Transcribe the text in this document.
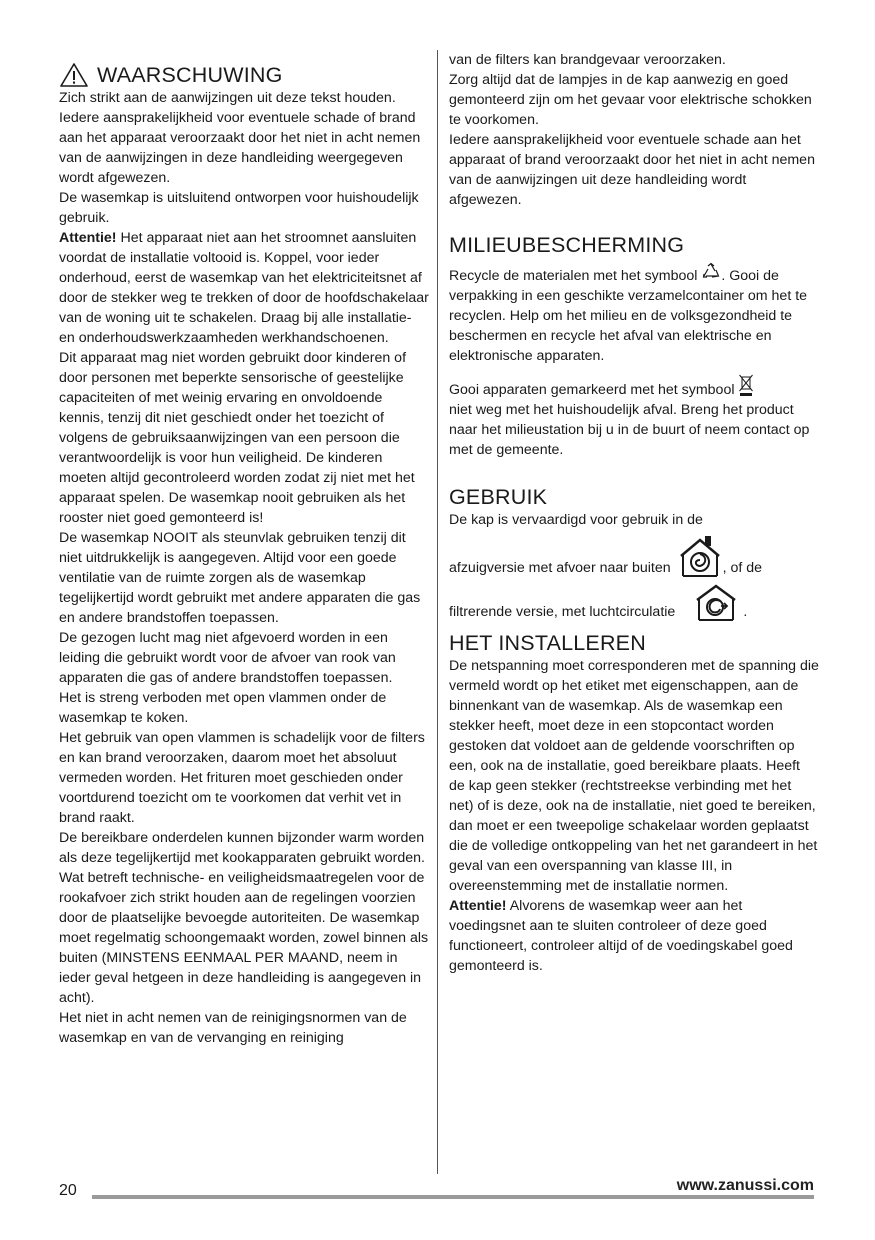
WAARSCHUWING

Zich strikt aan de aanwijzingen uit deze tekst houden. Iedere aansprakelijkheid voor eventuele schade of brand aan het apparaat veroorzaakt door het niet in acht nemen van de aanwijzingen in deze handleiding weergegeven wordt afgewezen.

De wasemkap is uitsluitend ontworpen voor huishoudelijk gebruik.

Attentie! Het apparaat niet aan het stroomnet aansluiten voordat de installatie voltooid is. Koppel, voor ieder onderhoud, eerst de wasemkap van het elektriciteitsnet af door de stekker weg te trekken of door de hoofdschakelaar van de woning uit te schakelen. Draag bij alle installatie- en onderhoudswerkzaamheden werkhandschoenen.

Dit apparaat mag niet worden gebruikt door kinderen of door personen met beperkte sensorische of geestelijke capaciteiten of met weinig ervaring en onvoldoende kennis, tenzij dit niet geschiedt onder het toezicht of volgens de gebruiksaanwijzingen van een persoon die verantwoordelijk is voor hun veiligheid. De kinderen moeten altijd gecontroleerd worden zodat zij niet met het apparaat spelen. De wasemkap nooit gebruiken als het rooster niet goed gemonteerd is!

De wasemkap NOOIT als steunvlak gebruiken tenzij dit niet uitdrukkelijk is aangegeven. Altijd voor een goede ventilatie van de ruimte zorgen als de wasemkap tegelijkertijd wordt gebruikt met andere apparaten die gas en andere brandstoffen toepassen.

De gezogen lucht mag niet afgevoerd worden in een leiding die gebruikt wordt voor de afvoer van rook van apparaten die gas of andere brandstoffen toepassen.

Het is streng verboden met open vlammen onder de wasemkap te koken.

Het gebruik van open vlammen is schadelijk voor de filters en kan brand veroorzaken, daarom moet het absoluut vermeden worden. Het frituren moet geschieden onder voortdurend toezicht om te voorkomen dat verhit vet in brand raakt.

De bereikbare onderdelen kunnen bijzonder warm worden als deze tegelijkertijd met kookapparaten gebruikt worden.

Wat betreft technische- en veiligheidsmaatregelen voor de rookafvoer zich strikt houden aan de regelingen voorzien door de plaatselijke bevoegde autoriteiten. De wasemkap moet regelmatig schoongemaakt worden, zowel binnen als buiten (MINSTENS EENMAAL PER MAAND, neem in ieder geval hetgeen in deze handleiding is aangegeven in acht).

Het niet in acht nemen van de reinigingsnormen van de wasemkap en van de vervanging en reiniging

van de filters kan brandgevaar veroorzaken.

Zorg altijd dat de lampjes in de kap aanwezig en goed gemonteerd zijn om het gevaar voor elektrische schokken te voorkomen.

Iedere aansprakelijkheid voor eventuele schade aan het apparaat of brand veroorzaakt door het niet in acht nemen van de aanwijzingen uit deze handleiding wordt afgewezen.

MILIEUBESCHERMING

Recycle de materialen met het symbool . Gooi de verpakking in een geschikte verzamelcontainer om het te recyclen. Help om het milieu en de volksgezondheid te beschermen en recycle het afval van elektrische en elektronische apparaten.

Gooi apparaten gemarkeerd met het symbool
niet weg met het huishoudelijk afval. Breng het product naar het milieustation bij u in de buurt of neem contact op met de gemeente.

GEBRUIK

De kap is vervaardigd voor gebruik in de

afzuigversie met afvoer naar buiten	, of de
filtrerende versie, met luchtcirculatie	.
HET INSTALLEREN

De netspanning moet corresponderen met de spanning die vermeld wordt op het etiket met eigenschappen, aan de binnenkant van de wasemkap. Als de wasemkap een stekker heeft, moet deze in een stopcontact worden gestoken dat voldoet aan de geldende voorschriften op een, ook na de installatie, goed bereikbare plaats. Heeft de kap geen stekker (rechtstreekse verbinding met het net) of is deze, ook na de installatie, niet goed te bereiken, dan moet er een tweepolige schakelaar worden geplaatst die de volledige ontkoppeling van het net garandeert in het geval van een overspanning van klasse III, in overeenstemming met de installatie normen.

Attentie! Alvorens de wasemkap weer aan het voedingsnet aan te sluiten controleer of deze goed functioneert, controleer altijd of de voedingskabel goed gemonteerd is.

20	www.zanussi.com
